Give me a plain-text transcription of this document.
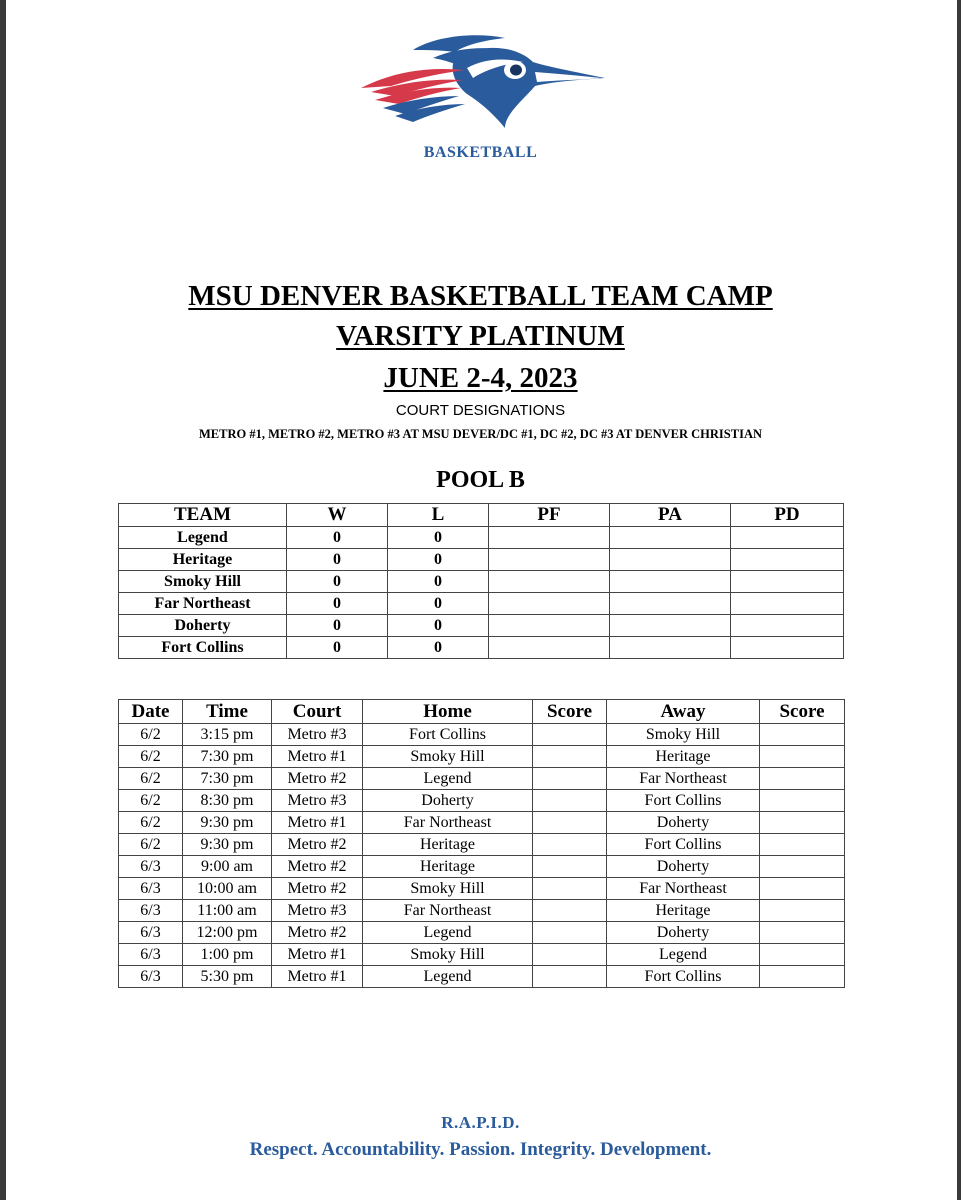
BASKETBALL
MSU DENVER BASKETBALL TEAM CAMP
VARSITY PLATINUM
JUNE 2-4, 2023
COURT DESIGNATIONS
METRO #1, METRO #2, METRO #3 AT MSU DEVER/DC #1, DC #2, DC #3 AT DENVER CHRISTIAN
POOL B
TEAM	W	L	PF	PA	PD
Legend	0	0			
Heritage	0	0			
Smoky Hill	0	0			
Far Northeast	0	0			
Doherty	0	0			
Fort Collins	0	0			
Date	Time	Court	Home	Score	Away	Score
6/2	3:15 pm	Metro #3	Fort Collins		Smoky Hill	
6/2	7:30 pm	Metro #1	Smoky Hill		Heritage	
6/2	7:30 pm	Metro #2	Legend		Far Northeast	
6/2	8:30 pm	Metro #3	Doherty		Fort Collins	
6/2	9:30 pm	Metro #1	Far Northeast		Doherty	
6/2	9:30 pm	Metro #2	Heritage		Fort Collins	
6/3	9:00 am	Metro #2	Heritage		Doherty	
6/3	10:00 am	Metro #2	Smoky Hill		Far Northeast	
6/3	11:00 am	Metro #3	Far Northeast		Heritage	
6/3	12:00 pm	Metro #2	Legend		Doherty	
6/3	1:00 pm	Metro #1	Smoky Hill		Legend	
6/3	5:30 pm	Metro #1	Legend		Fort Collins	
R.A.P.I.D.
Respect. Accountability. Passion. Integrity. Development.
